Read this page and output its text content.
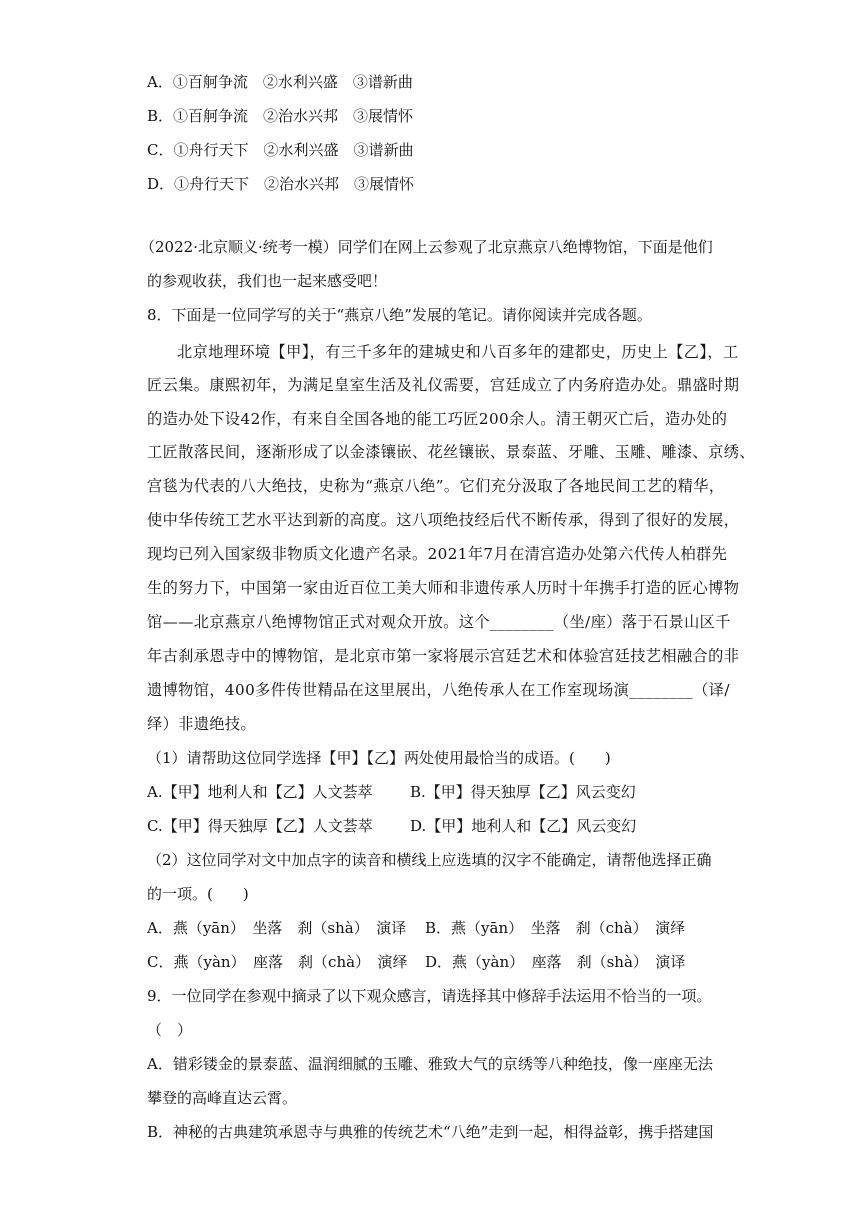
A．①百舸争流　②水利兴盛　③谱新曲
B．①百舸争流　②治水兴邦　③展情怀
C．①舟行天下　②水利兴盛　③谱新曲
D．①舟行天下　②治水兴邦　③展情怀
（2022·北京顺义·统考一模）同学们在网上云参观了北京燕京八绝博物馆，下面是他们
的参观收获，我们也一起来感受吧！
8．下面是一位同学写的关于“燕京八绝”发展的笔记。请你阅读并完成各题。
北京地理环境【甲】，有三千多年的建城史和八百多年的建都史，历史上【乙】，工
匠云集。康熙初年，为满足皇室生活及礼仪需要，宫廷成立了内务府造办处。鼎盛时期
的造办处下设42作，有来自全国各地的能工巧匠200余人。清王朝灭亡后，造办处的
工匠散落民间，逐渐形成了以金漆镶嵌、花丝镶嵌、景泰蓝、牙雕、玉雕、雕漆、京绣、
宫毯为代表的八大绝技，史称为“燕京八绝”。它们充分汲取了各地民间工艺的精华，
使中华传统工艺水平达到新的高度。这八项绝技经后代不断传承，得到了很好的发展，
现均已列入国家级非物质文化遗产名录。2021年7月在清宫造办处第六代传人柏群先
生的努力下，中国第一家由近百位工美大师和非遗传承人历时十年携手打造的匠心博物
馆——北京燕京八绝博物馆正式对观众开放。这个________（坐/座）落于石景山区千
年古刹承恩寺中的博物馆，是北京市第一家将展示宫廷艺术和体验宫廷技艺相融合的非
遗博物馆，400多件传世精品在这里展出，八绝传承人在工作室现场演________（译/
绎）非遗绝技。
（1）请帮助这位同学选择【甲】【乙】两处使用最恰当的成语。(　　)
A.【甲】地利人和【乙】人文荟萃 B.【甲】得天独厚【乙】风云变幻
C.【甲】得天独厚【乙】人文荟萃 D.【甲】地利人和【乙】风云变幻
（2）这位同学对文中加点字的读音和横线上应选填的汉字不能确定，请帮他选择正确
的一项。(　　)
A．燕（yān）　坐落　刹（shà）　演译 B．燕（yān）　坐落　刹（chà）　演绎
C．燕（yàn）　座落　刹（chà）　演绎 D．燕（yàn）　座落　刹（shà）　演译
9．一位同学在参观中摘录了以下观众感言，请选择其中修辞手法运用不恰当的一项。
（　）
A．错彩镂金的景泰蓝、温润细腻的玉雕、雅致大气的京绣等八种绝技，像一座座无法
攀登的高峰直达云霄。
B．神秘的古典建筑承恩寺与典雅的传统艺术“八绝”走到一起，相得益彰，携手搭建国
